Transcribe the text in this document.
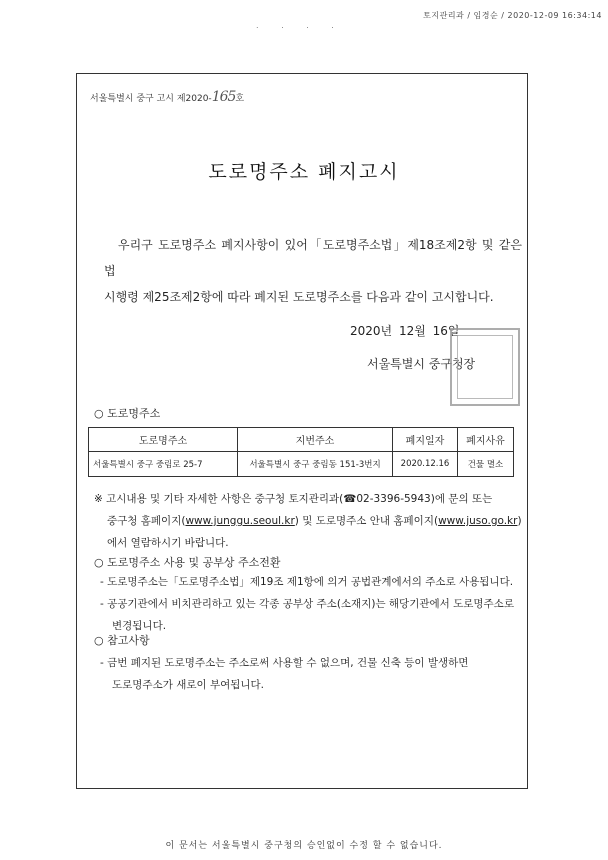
토지관리과 / 임경순 / 2020-12-09 16:34:14
. . . .
서울특별시 중구 고시 제2020-165호
도로명주소 폐지고시
우리구 도로명주소 폐지사항이 있어「도로명주소법」제18조제2항 및 같은 법
시행령 제25조제2항에 따라 폐지된 도로명주소를 다음과 같이 고시합니다.
2020년 12월 16일
서울특별시 중구청장
○ 도로명주소
도로명주소	지번주소	폐지일자	폐지사유
서울특별시 중구 중림로 25-7	서울특별시 중구 중림동 151-3번지	2020.12.16	건물 멸소
※ 고시내용 및 기타 자세한 사항은 중구청 토지관리과(☎02-3396-5943)에 문의 또는
중구청 홈페이지(www.junggu.seoul.kr) 및 도로명주소 안내 홈페이지(www.juso.go.kr)
에서 열람하시기 바랍니다.
○ 도로명주소 사용 및 공부상 주소전환
- 도로명주소는「도로명주소법」제19조 제1항에 의거 공법관계에서의 주소로 사용됩니다.
- 공공기관에서 비치관리하고 있는 각종 공부상 주소(소재지)는 해당기관에서 도로명주소로
변경됩니다.
○ 참고사항
- 금번 폐지된 도로명주소는 주소로써 사용할 수 없으며, 건물 신축 등이 발생하면
도로명주소가 새로이 부여됩니다.
이 문서는 서울특별시 중구청의 승인없이 수정 할 수 없습니다.
